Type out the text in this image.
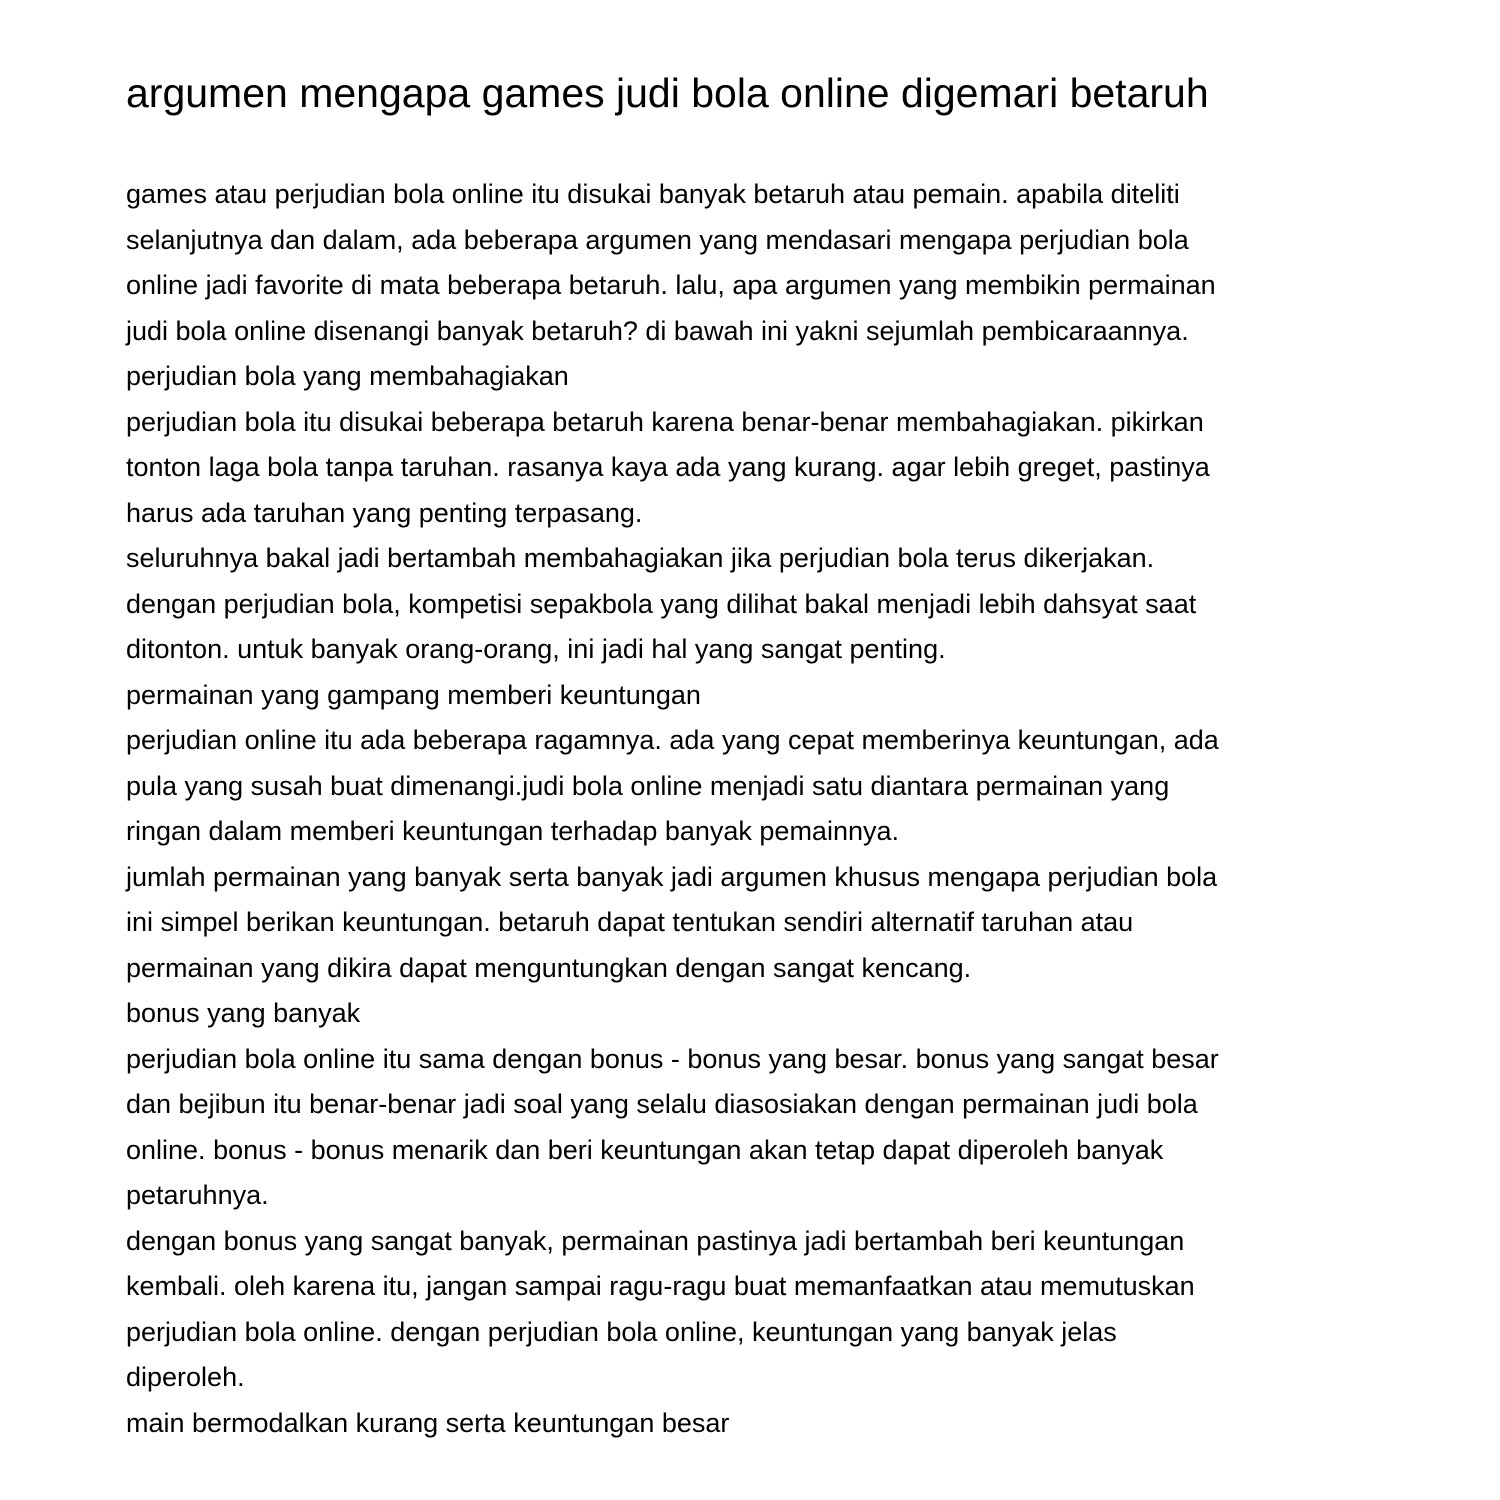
argumen mengapa games judi bola online digemari betaruh
games atau perjudian bola online itu disukai banyak betaruh atau pemain. apabila diteliti
selanjutnya dan dalam, ada beberapa argumen yang mendasari mengapa perjudian bola
online jadi favorite di mata beberapa betaruh. lalu, apa argumen yang membikin permainan
judi bola online disenangi banyak betaruh? di bawah ini yakni sejumlah pembicaraannya.
perjudian bola yang membahagiakan
perjudian bola itu disukai beberapa betaruh karena benar-benar membahagiakan. pikirkan
tonton laga bola tanpa taruhan. rasanya kaya ada yang kurang. agar lebih greget, pastinya
harus ada taruhan yang penting terpasang.
seluruhnya bakal jadi bertambah membahagiakan jika perjudian bola terus dikerjakan.
dengan perjudian bola, kompetisi sepakbola yang dilihat bakal menjadi lebih dahsyat saat
ditonton. untuk banyak orang-orang, ini jadi hal yang sangat penting.
permainan yang gampang memberi keuntungan
perjudian online itu ada beberapa ragamnya. ada yang cepat memberinya keuntungan, ada
pula yang susah buat dimenangi.judi bola online menjadi satu diantara permainan yang
ringan dalam memberi keuntungan terhadap banyak pemainnya.
jumlah permainan yang banyak serta banyak jadi argumen khusus mengapa perjudian bola
ini simpel berikan keuntungan. betaruh dapat tentukan sendiri alternatif taruhan atau
permainan yang dikira dapat menguntungkan dengan sangat kencang.
bonus yang banyak
perjudian bola online itu sama dengan bonus - bonus yang besar. bonus yang sangat besar
dan bejibun itu benar-benar jadi soal yang selalu diasosiakan dengan permainan judi bola
online. bonus - bonus menarik dan beri keuntungan akan tetap dapat diperoleh banyak
petaruhnya.
dengan bonus yang sangat banyak, permainan pastinya jadi bertambah beri keuntungan
kembali. oleh karena itu, jangan sampai ragu-ragu buat memanfaatkan atau memutuskan
perjudian bola online. dengan perjudian bola online, keuntungan yang banyak jelas
diperoleh.
main bermodalkan kurang serta keuntungan besar
